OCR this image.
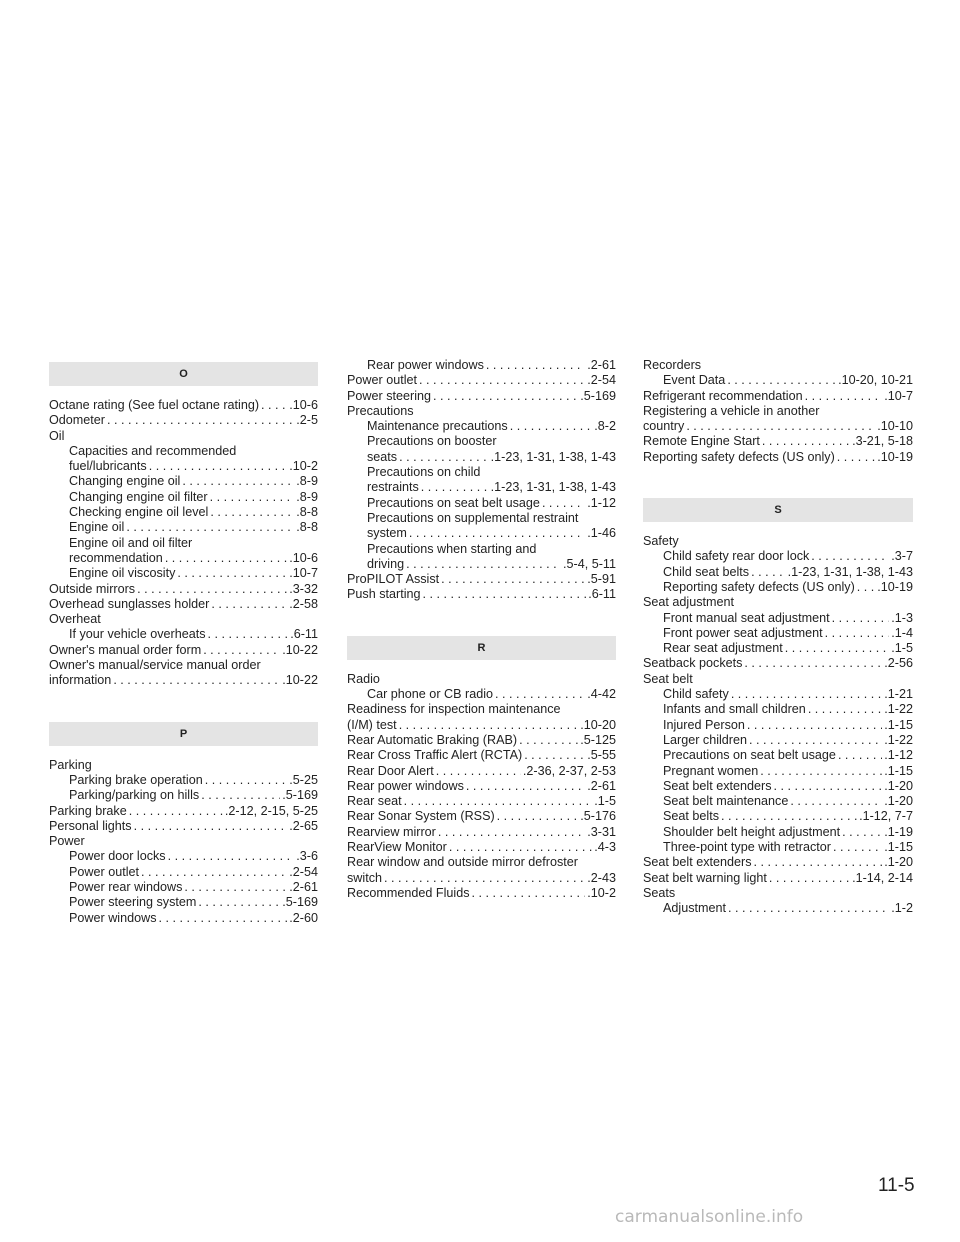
O
Octane rating (See fuel octane rating) ..... .10-6
Odometer .....	.2-5
Oil
Capacities and recommended
fuel/lubricants .....	.10-2
Changing engine oil .....	.8-9
Changing engine oil filter .....	.8-9
Checking engine oil level .....	.8-8
Engine oil .....	.8-8
Engine oil and oil filter
recommendation .....	.10-6
Engine oil viscosity .....	.10-7
Outside mirrors .....	.3-32
Overhead sunglasses holder .....	.2-58
Overheat
If your vehicle overheats .....	.6-11
Owner's manual order form .....	.10-22
Owner's manual/service manual order
information .....	.10-22
P
Parking
Parking brake operation .....	.5-25
Parking/parking on hills .....	.5-169
Parking brake .....	.2-12, 2-15, 5-25
Personal lights .....	.2-65
Power
Power door locks .....	.3-6
Power outlet .....	.2-54
Power rear windows .....	.2-61
Power steering system .....	.5-169
Power windows .....	.2-60
Rear power windows .....	.2-61
Power outlet .....	.2-54
Power steering .....	.5-169
Precautions
Maintenance precautions .....	.8-2
Precautions on booster
seats .....	.1-23, 1-31, 1-38, 1-43
Precautions on child
restraints .....	.1-23, 1-31, 1-38, 1-43
Precautions on seat belt usage .....	.1-12
Precautions on supplemental restraint
system .....	.1-46
Precautions when starting and
driving .....	.5-4, 5-11
ProPILOT Assist .....	.5-91
Push starting .....	.6-11
R
Radio
Car phone or CB radio .....	.4-42
Readiness for inspection maintenance
(I/M) test .....	.10-20
Rear Automatic Braking (RAB) .....	.5-125
Rear Cross Traffic Alert (RCTA) .....	.5-55
Rear Door Alert .....	.2-36, 2-37, 2-53
Rear power windows .....	.2-61
Rear seat .....	.1-5
Rear Sonar System (RSS) .....	.5-176
Rearview mirror .....	.3-31
RearView Monitor .....	.4-3
Rear window and outside mirror defroster
switch .....	.2-43
Recommended Fluids .....	.10-2
Recorders
Event Data .....	.10-20, 10-21
Refrigerant recommendation .....	.10-7
Registering a vehicle in another
country .....	.10-10
Remote Engine Start .....	.3-21, 5-18
Reporting safety defects (US only) .....	.10-19
S
Safety
Child safety rear door lock .....	.3-7
Child seat belts .....	.1-23, 1-31, 1-38, 1-43
Reporting safety defects (US only) ..... .10-19
Seat adjustment
Front manual seat adjustment .....	.1-3
Front power seat adjustment .....	.1-4
Rear seat adjustment .....	.1-5
Seatback pockets .....	.2-56
Seat belt
Child safety .....	.1-21
Infants and small children .....	.1-22
Injured Person .....	.1-15
Larger children .....	.1-22
Precautions on seat belt usage .....	.1-12
Pregnant women .....	.1-15
Seat belt extenders .....	.1-20
Seat belt maintenance .....	.1-20
Seat belts .....	.1-12, 7-7
Shoulder belt height adjustment .....	.1-19
Three-point type with retractor .....	.1-15
Seat belt extenders .....	.1-20
Seat belt warning light .....	.1-14, 2-14
Seats
Adjustment .....	.1-2
11-5
carmanualsonline.info
